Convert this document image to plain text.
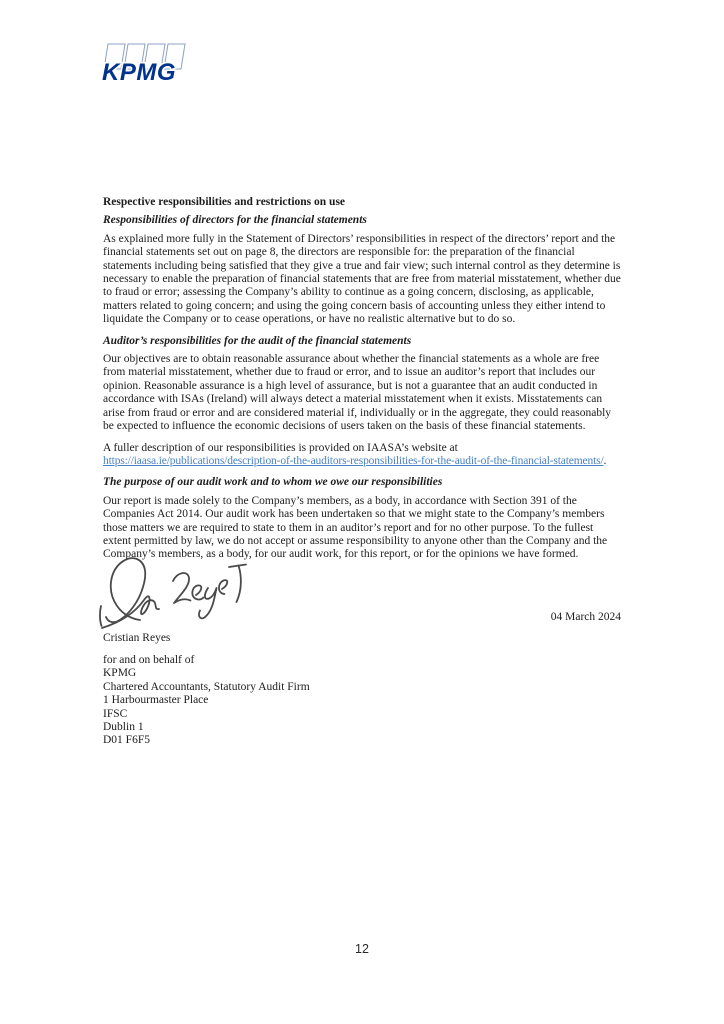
KPMG
Respective responsibilities and restrictions on use
Responsibilities of directors for the financial statements

As explained more fully in the Statement of Directors’ responsibilities in respect of the directors’ report and the financial statements set out on page 8, the directors are responsible for: the preparation of the financial statements including being satisfied that they give a true and fair view; such internal control as they determine is necessary to enable the preparation of financial statements that are free from material misstatement, whether due to fraud or error; assessing the Company’s ability to continue as a going concern, disclosing, as applicable, matters related to going concern; and using the going concern basis of accounting unless they either intend to liquidate the Company or to cease operations, or have no realistic alternative but to do so.

Auditor’s responsibilities for the audit of the financial statements

Our objectives are to obtain reasonable assurance about whether the financial statements as a whole are free from material misstatement, whether due to fraud or error, and to issue an auditor’s report that includes our opinion. Reasonable assurance is a high level of assurance, but is not a guarantee that an audit conducted in accordance with ISAs (Ireland) will always detect a material misstatement when it exists. Misstatements can arise from fraud or error and are considered material if, individually or in the aggregate, they could reasonably be expected to influence the economic decisions of users taken on the basis of these financial statements.

A fuller description of our responsibilities is provided on IAASA’s website at https://iaasa.ie/publications/description-of-the-auditors-responsibilities-for-the-audit-of-the-financial-statements/.

The purpose of our audit work and to whom we owe our responsibilities

Our report is made solely to the Company’s members, as a body, in accordance with Section 391 of the Companies Act 2014. Our audit work has been undertaken so that we might state to the Company’s members those matters we are required to state to them in an auditor’s report and for no other purpose. To the fullest extent permitted by law, we do not accept or assume responsibility to anyone other than the Company and the Company’s members, as a body, for our audit work, for this report, or for the opinions we have formed.

04 March 2024
Cristian Reyes
for and on behalf of
KPMG
Chartered Accountants, Statutory Audit Firm
1 Harbourmaster Place
IFSC
Dublin 1
D01 F6F5
12
